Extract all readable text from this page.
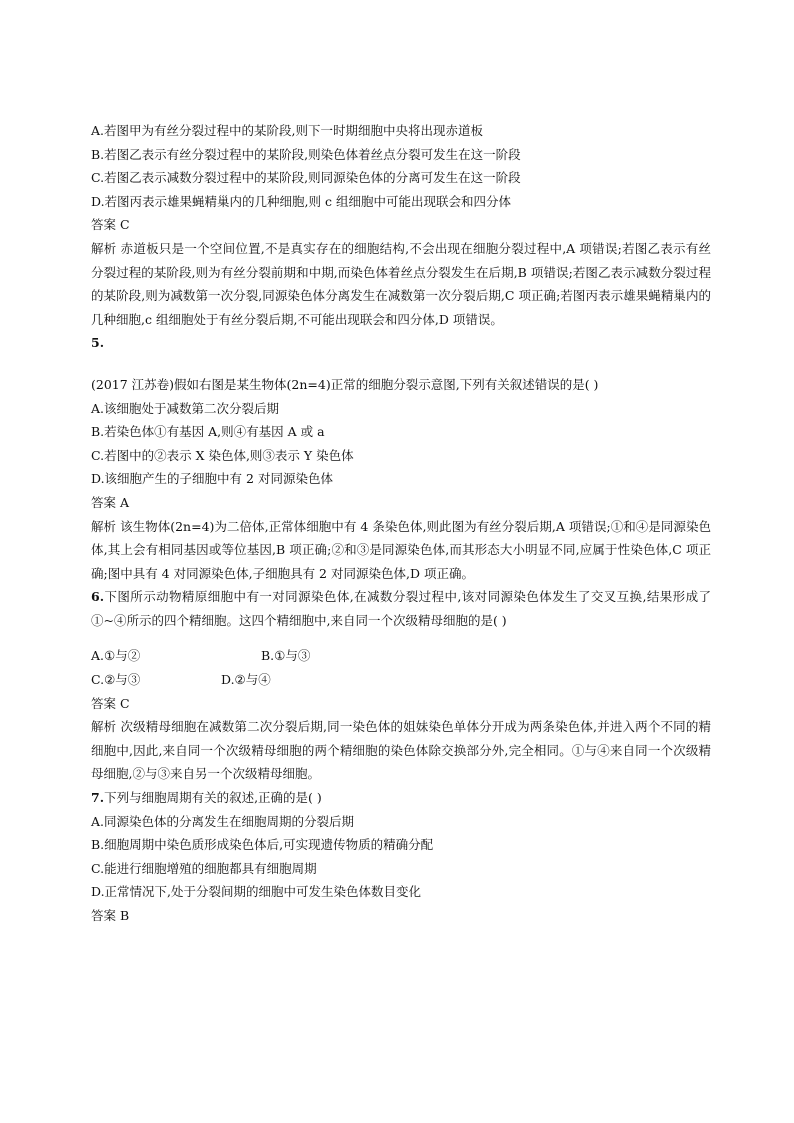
A.若图甲为有丝分裂过程中的某阶段,则下一时期细胞中央将出现赤道板
B.若图乙表示有丝分裂过程中的某阶段,则染色体着丝点分裂可发生在这一阶段
C.若图乙表示减数分裂过程中的某阶段,则同源染色体的分离可发生在这一阶段
D.若图丙表示雄果蝇精巢内的几种细胞,则 c 组细胞中可能出现联会和四分体
答案 C
解析 赤道板只是一个空间位置,不是真实存在的细胞结构,不会出现在细胞分裂过程中,A 项错误;若图乙表示有丝分裂过程的某阶段,则为有丝分裂前期和中期,而染色体着丝点分裂发生在后期,B 项错误;若图乙表示减数分裂过程的某阶段,则为减数第一次分裂,同源染色体分离发生在减数第一次分裂后期,C 项正确;若图丙表示雄果蝇精巢内的几种细胞,c 组细胞处于有丝分裂后期,不可能出现联会和四分体,D 项错误。
5.
(2017 江苏卷)假如右图是某生物体(2n=4)正常的细胞分裂示意图,下列有关叙述错误的是( )
A.该细胞处于减数第二次分裂后期
B.若染色体①有基因 A,则④有基因 A 或 a
C.若图中的②表示 X 染色体,则③表示 Y 染色体
D.该细胞产生的子细胞中有 2 对同源染色体
答案 A
解析 该生物体(2n=4)为二倍体,正常体细胞中有 4 条染色体,则此图为有丝分裂后期,A 项错误;①和④是同源染色体,其上会有相同基因或等位基因,B 项正确;②和③是同源染色体,而其形态大小明显不同,应属于性染色体,C 项正确;图中具有 4 对同源染色体,子细胞具有 2 对同源染色体,D 项正确。
6.下图所示动物精原细胞中有一对同源染色体,在减数分裂过程中,该对同源染色体发生了交叉互换,结果形成了①~④所示的四个精细胞。这四个精细胞中,来自同一个次级精母细胞的是( )
A.①与②	B.①与③
C.②与③	D.②与④
答案 C
解析 次级精母细胞在减数第二次分裂后期,同一染色体的姐妹染色单体分开成为两条染色体,并进入两个不同的精细胞中,因此,来自同一个次级精母细胞的两个精细胞的染色体除交换部分外,完全相同。①与④来自同一个次级精母细胞,②与③来自另一个次级精母细胞。
7.下列与细胞周期有关的叙述,正确的是( )
A.同源染色体的分离发生在细胞周期的分裂后期
B.细胞周期中染色质形成染色体后,可实现遗传物质的精确分配
C.能进行细胞增殖的细胞都具有细胞周期
D.正常情况下,处于分裂间期的细胞中可发生染色体数目变化
答案 B
